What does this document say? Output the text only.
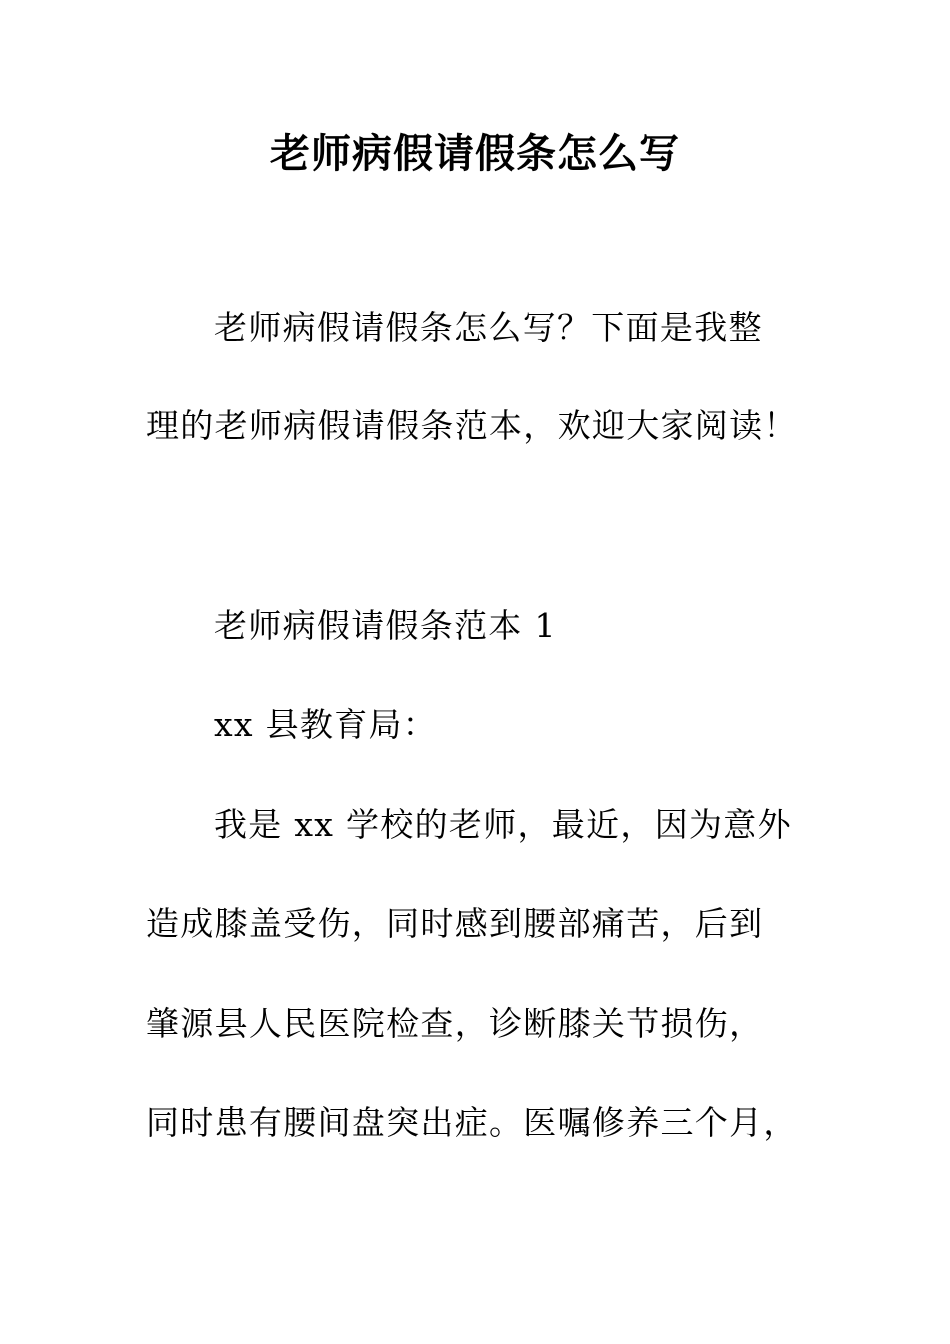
老师病假请假条怎么写

老师病假请假条怎么写？下面是我整

理的老师病假请假条范本，欢迎大家阅读！

老师病假请假条范本 1

xx 县教育局：

我是 xx 学校的老师，最近，因为意外

造成膝盖受伤，同时感到腰部痛苦，后到

肇源县人民医院检查，诊断膝关节损伤，

同时患有腰间盘突出症。医嘱修养三个月，
